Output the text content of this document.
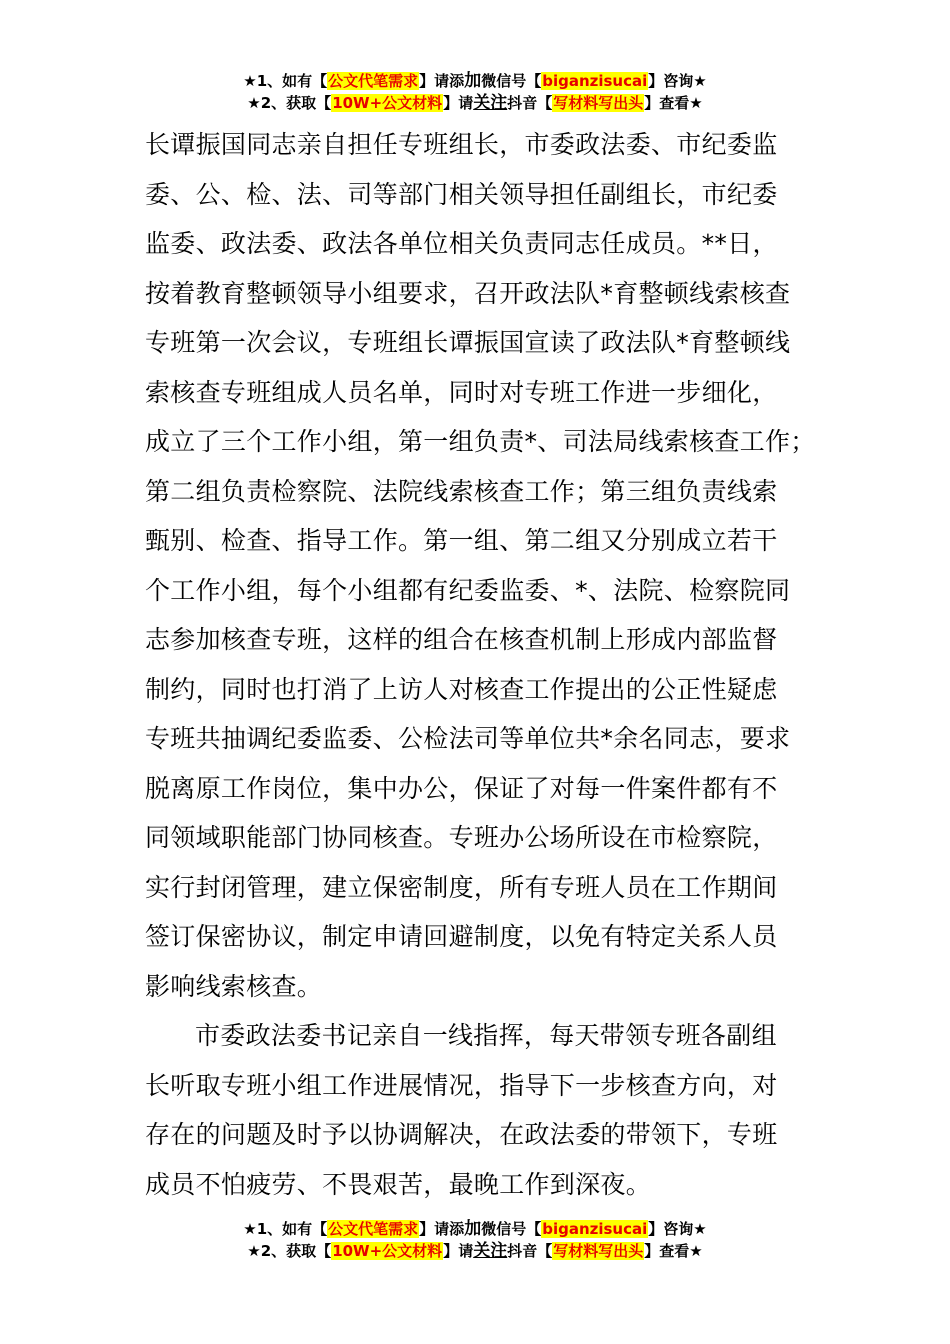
★1、如有【公文代笔需求】请添加微信号【biganzisucai】咨询★
★2、获取【10W+公文材料】请关注抖音【写材料写出头】查看★
长谭振国同志亲自担任专班组长，市委政法委、市纪委监
委、公、检、法、司等部门相关领导担任副组长，市纪委
监委、政法委、政法各单位相关负责同志任成员。**日，
按着教育整顿领导小组要求，召开政法队*育整顿线索核查
专班第一次会议，专班组长谭振国宣读了政法队*育整顿线
索核查专班组成人员名单，同时对专班工作进一步细化，
成立了三个工作小组，第一组负责*、司法局线索核查工作；
第二组负责检察院、法院线索核查工作；第三组负责线索
甄别、检查、指导工作。第一组、第二组又分别成立若干
个工作小组，每个小组都有纪委监委、*、法院、检察院同
志参加核查专班，这样的组合在核查机制上形成内部监督
制约，同时也打消了上访人对核查工作提出的公正性疑虑
专班共抽调纪委监委、公检法司等单位共*余名同志，要求
脱离原工作岗位，集中办公，保证了对每一件案件都有不
同领域职能部门协同核查。专班办公场所设在市检察院，
实行封闭管理，建立保密制度，所有专班人员在工作期间
签订保密协议，制定申请回避制度，以免有特定关系人员
影响线索核查。
市委政法委书记亲自一线指挥，每天带领专班各副组
长听取专班小组工作进展情况，指导下一步核查方向，对
存在的问题及时予以协调解决，在政法委的带领下，专班
成员不怕疲劳、不畏艰苦，最晚工作到深夜。
★1、如有【公文代笔需求】请添加微信号【biganzisucai】咨询★
★2、获取【10W+公文材料】请关注抖音【写材料写出头】查看★
